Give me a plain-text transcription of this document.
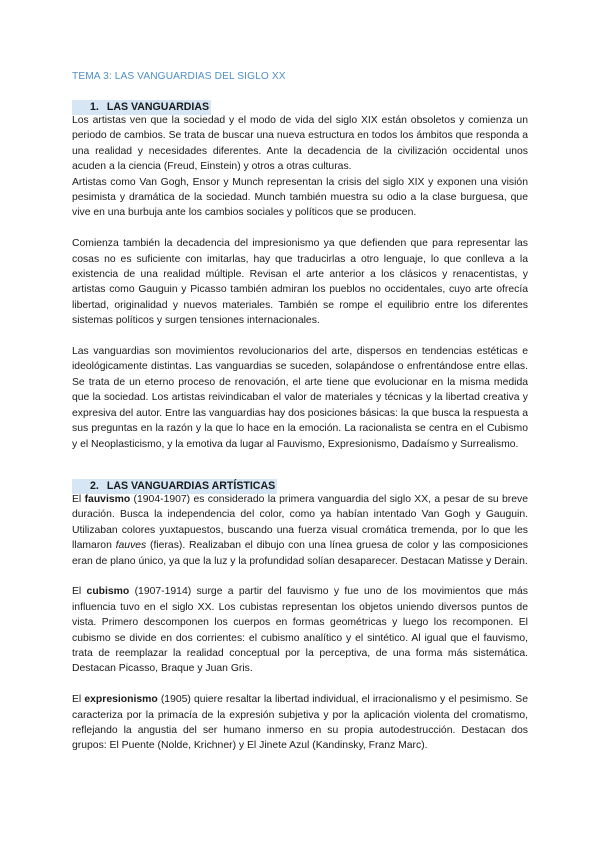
TEMA 3: LAS VANGUARDIAS DEL SIGLO XX
1. LAS VANGUARDIAS

Los artistas ven que la sociedad y el modo de vida del siglo XIX están obsoletos y comienza un periodo de cambios. Se trata de buscar una nueva estructura en todos los ámbitos que responda a una realidad y necesidades diferentes. Ante la decadencia de la civilización occidental unos acuden a la ciencia (Freud, Einstein) y otros a otras culturas.

Artistas como Van Gogh, Ensor y Munch representan la crisis del siglo XIX y exponen una visión pesimista y dramática de la sociedad. Munch también muestra su odio a la clase burguesa, que vive en una burbuja ante los cambios sociales y políticos que se producen.

Comienza también la decadencia del impresionismo ya que defienden que para representar las cosas no es suficiente con imitarlas, hay que traducirlas a otro lenguaje, lo que conlleva a la existencia de una realidad múltiple. Revisan el arte anterior a los clásicos y renacentistas, y artistas como Gauguin y Picasso también admiran los pueblos no occidentales, cuyo arte ofrecía libertad, originalidad y nuevos materiales. También se rompe el equilibrio entre los diferentes sistemas políticos y surgen tensiones internacionales.

Las vanguardias son movimientos revolucionarios del arte, dispersos en tendencias estéticas e ideológicamente distintas. Las vanguardias se suceden, solapándose o enfrentándose entre ellas. Se trata de un eterno proceso de renovación, el arte tiene que evolucionar en la misma medida que la sociedad. Los artistas reivindicaban el valor de materiales y técnicas y la libertad creativa y expresiva del autor. Entre las vanguardias hay dos posiciones básicas: la que busca la respuesta a sus preguntas en la razón y la que lo hace en la emoción. La racionalista se centra en el Cubismo y el Neoplasticismo, y la emotiva da lugar al Fauvismo, Expresionismo, Dadaísmo y Surrealismo.

2. LAS VANGUARDIAS ARTÍSTICAS

El fauvismo (1904-1907) es considerado la primera vanguardia del siglo XX, a pesar de su breve duración. Busca la independencia del color, como ya habían intentado Van Gogh y Gauguin. Utilizaban colores yuxtapuestos, buscando una fuerza visual cromática tremenda, por lo que les llamaron fauves (fieras). Realizaban el dibujo con una línea gruesa de color y las composiciones eran de plano único, ya que la luz y la profundidad solían desaparecer. Destacan Matisse y Derain.

El cubismo (1907-1914) surge a partir del fauvismo y fue uno de los movimientos que más influencia tuvo en el siglo XX. Los cubistas representan los objetos uniendo diversos puntos de vista. Primero descomponen los cuerpos en formas geométricas y luego los recomponen. El cubismo se divide en dos corrientes: el cubismo analítico y el sintético. Al igual que el fauvismo, trata de reemplazar la realidad conceptual por la perceptiva, de una forma más sistemática. Destacan Picasso, Braque y Juan Gris.

El expresionismo (1905) quiere resaltar la libertad individual, el irracionalismo y el pesimismo. Se caracteriza por la primacía de la expresión subjetiva y por la aplicación violenta del cromatismo, reflejando la angustia del ser humano inmerso en su propia autodestrucción. Destacan dos grupos: El Puente (Nolde, Krichner) y El Jinete Azul (Kandinsky, Franz Marc).
